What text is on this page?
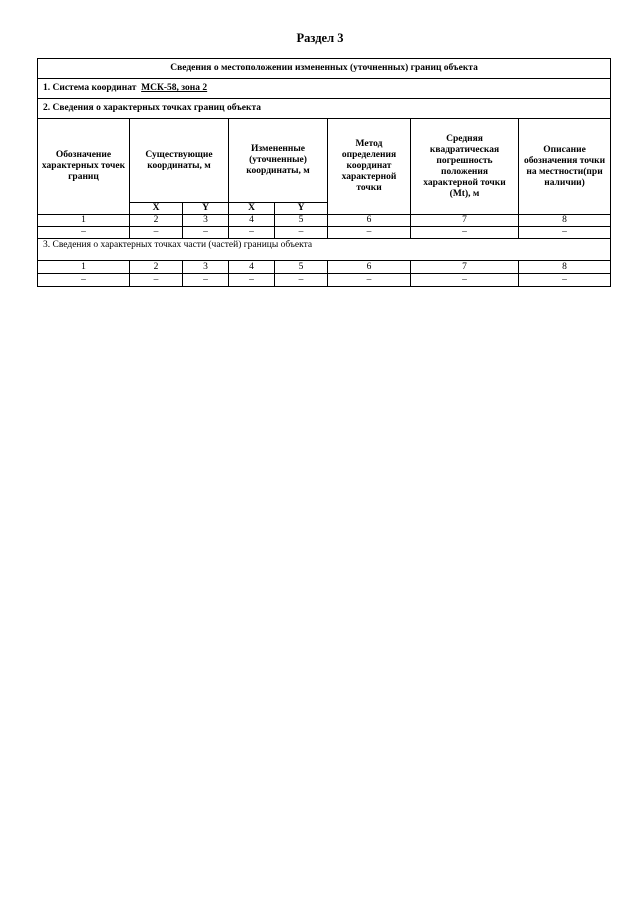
Раздел 3
Сведения о местоположении измененных (уточненных) границ объекта							
1. Система координат МСК-58, зона 2							
2. Сведения о характерных точках границ объекта							
Обозначение характерных точек границ	Существующие координаты, м		Измененные (уточненные) координаты, м		Метод определения координат характерной точки	Средняя квадратическая погрешность положения характерной точки (Mt), м	Описание обозначения точки на местности(при наличии)
	X	Y	X	Y			
1	2	3	4	5	6	7	8
–	–	–	–	–	–	–	–
3. Сведения о характерных точках части (частей) границы объекта							
1	2	3	4	5	6	7	8
–	–	–	–	–	–	–	–
